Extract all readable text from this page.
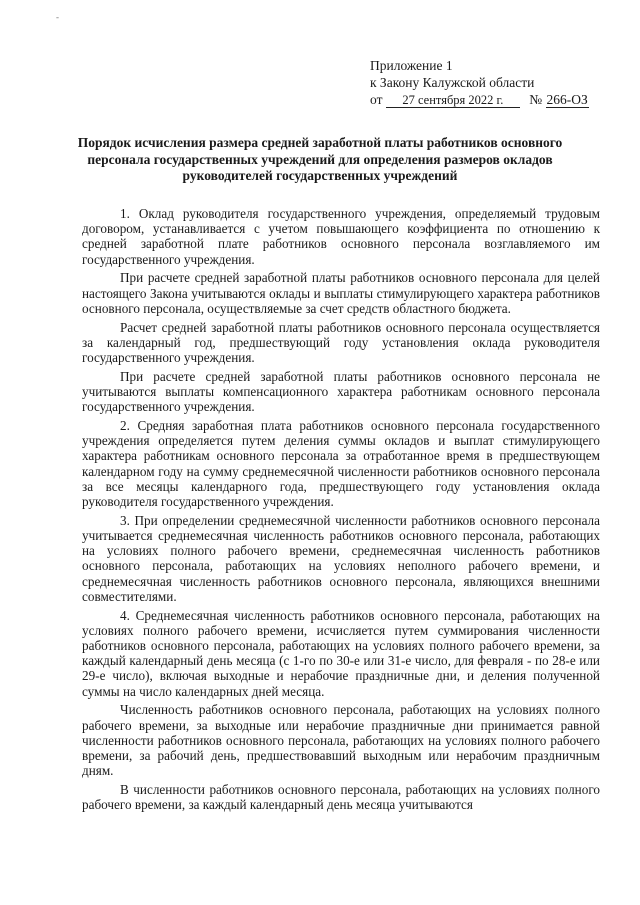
-
Приложение 1
к Закону Калужской области
от 27 сентября 2022 г. № 266-ОЗ
Порядок исчисления размера средней заработной платы работников основного персонала государственных учреждений для определения размеров окладов руководителей государственных учреждений

1. Оклад руководителя государственного учреждения, определяемый трудовым договором, устанавливается с учетом повышающего коэффициента по отношению к средней заработной плате работников основного персонала возглавляемого им государственного учреждения.

При расчете средней заработной платы работников основного персонала для целей настоящего Закона учитываются оклады и выплаты стимулирующего характера работников основного персонала, осуществляемые за счет средств областного бюджета.

Расчет средней заработной платы работников основного персонала осуществляется за календарный год, предшествующий году установления оклада руководителя государственного учреждения.

При расчете средней заработной платы работников основного персонала не учитываются выплаты компенсационного характера работникам основного персонала государственного учреждения.

2. Средняя заработная плата работников основного персонала государственного учреждения определяется путем деления суммы окладов и выплат стимулирующего характера работникам основного персонала за отработанное время в предшествующем календарном году на сумму среднемесячной численности работников основного персонала за все месяцы календарного года, предшествующего году установления оклада руководителя государственного учреждения.

3. При определении среднемесячной численности работников основного персонала учитывается среднемесячная численность работников основного персонала, работающих на условиях полного рабочего времени, среднемесячная численность работников основного персонала, работающих на условиях неполного рабочего времени, и среднемесячная численность работников основного персонала, являющихся внешними совместителями.

4. Среднемесячная численность работников основного персонала, работающих на условиях полного рабочего времени, исчисляется путем суммирования численности работников основного персонала, работающих на условиях полного рабочего времени, за каждый календарный день месяца (с 1-го по 30-е или 31-е число, для февраля - по 28-е или 29-е число), включая выходные и нерабочие праздничные дни, и деления полученной суммы на число календарных дней месяца.

Численность работников основного персонала, работающих на условиях полного рабочего времени, за выходные или нерабочие праздничные дни принимается равной численности работников основного персонала, работающих на условиях полного рабочего времени, за рабочий день, предшествовавший выходным или нерабочим праздничным дням.

В численности работников основного персонала, работающих на условиях полного рабочего времени, за каждый календарный день месяца учитываются
